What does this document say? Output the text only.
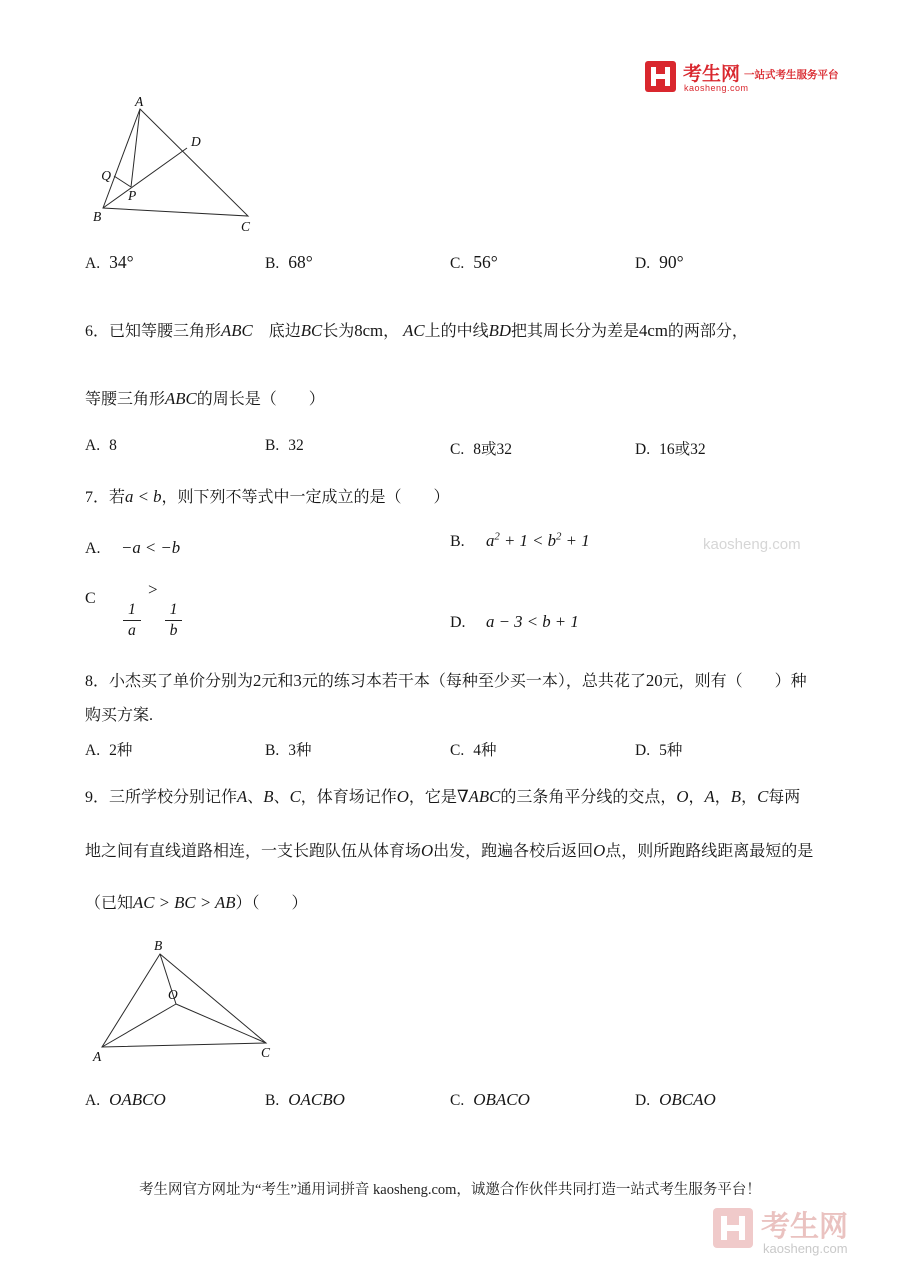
考生网
kaosheng.com
一站式考生服务平台
A
D
Q
P
B
C
A. 34°	B. 68°	C. 56°	D. 90°
6．已知等腰三角形ABC　底边BC长为8cm， AC上的中线BD把其周长分为差是4cm的两部分，
等腰三角形ABC的周长是（　　）
A. 8	B. 32	C. 8或32	D. 16或32
7．若a < b，则下列不等式中一定成立的是（　　）
A. −a < −b	B. $a^2 + 1 < b^2 + 1$
C
$\frac{1}{a}$
>
$\frac{1}{b}$	D. a − 3 < b + 1
kaosheng.com
8．小杰买了单价分别为2元和3元的练习本若干本（每种至少买一本），总共花了20元，则有（　　）种
购买方案.
A. 2种	B. 3种	C. 4种	D. 5种
9．三所学校分别记作A、B、C，体育场记作O，它是∇ABC的三条角平分线的交点，O，A，B，C每两
地之间有直线道路相连，一支长跑队伍从体育场O出发，跑遍各校后返回O点，则所跑路线距离最短的是
（已知AC > BC > AB）（　　）
B
O
A	C
A. OABCO	B. OACBO	C. OBACO	D. OBCAO
考生网官方网址为“考生”通用词拼音 kaosheng.com，诚邀合作伙伴共同打造一站式考生服务平台！
考生网
kaosheng.com
